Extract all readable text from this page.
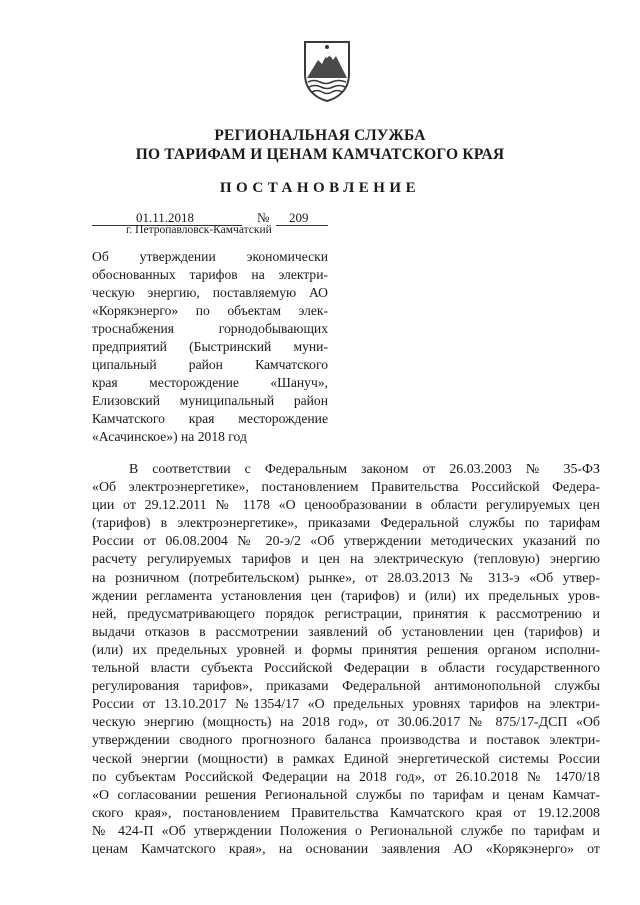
РЕГИОНАЛЬНАЯ СЛУЖБА
ПО ТАРИФАМ И ЦЕНАМ КАМЧАТСКОГО КРАЯ
ПОСТАНОВЛЕНИЕ
01.11.2018	№ 209
г. Петропавловск-Камчатский
Об утверждении экономически
обоснованных тарифов на электри-
ческую энергию, поставляемую АО
«Корякэнерго» по объектам элек-
троснабжения горнодобывающих
предприятий (Быстринский муни-
ципальный район Камчатского
края месторождение «Шануч»,
Елизовский муниципальный район
Камчатского края месторождение
«Асачинское») на 2018 год
В соответствии с Федеральным законом от 26.03.2003 № 35-ФЗ
«Об электроэнергетике», постановлением Правительства Российской Федера-
ции от 29.12.2011 № 1178 «О ценообразовании в области регулируемых цен
(тарифов) в электроэнергетике», приказами Федеральной службы по тарифам
России от 06.08.2004 № 20-э/2 «Об утверждении методических указаний по
расчету регулируемых тарифов и цен на электрическую (тепловую) энергию
на розничном (потребительском) рынке», от 28.03.2013 № 313-э «Об утвер-
ждении регламента установления цен (тарифов) и (или) их предельных уров-
ней, предусматривающего порядок регистрации, принятия к рассмотрению и
выдачи отказов в рассмотрении заявлений об установлении цен (тарифов) и
(или) их предельных уровней и формы принятия решения органом исполни-
тельной власти субъекта Российской Федерации в области государственного
регулирования тарифов», приказами Федеральной антимонопольной службы
России от 13.10.2017 №1354/17 «О предельных уровнях тарифов на электри-
ческую энергию (мощность) на 2018 год», от 30.06.2017 № 875/17-ДСП «Об
утверждении сводного прогнозного баланса производства и поставок электри-
ческой энергии (мощности) в рамках Единой энергетической системы России
по субъектам Российской Федерации на 2018 год», от 26.10.2018 № 1470/18
«О согласовании решения Региональной службы по тарифам и ценам Камчат-
ского края», постановлением Правительства Камчатского края от 19.12.2008
№ 424-П «Об утверждении Положения о Региональной службе по тарифам и
ценам Камчатского края», на основании заявления АО «Корякэнерго» от
